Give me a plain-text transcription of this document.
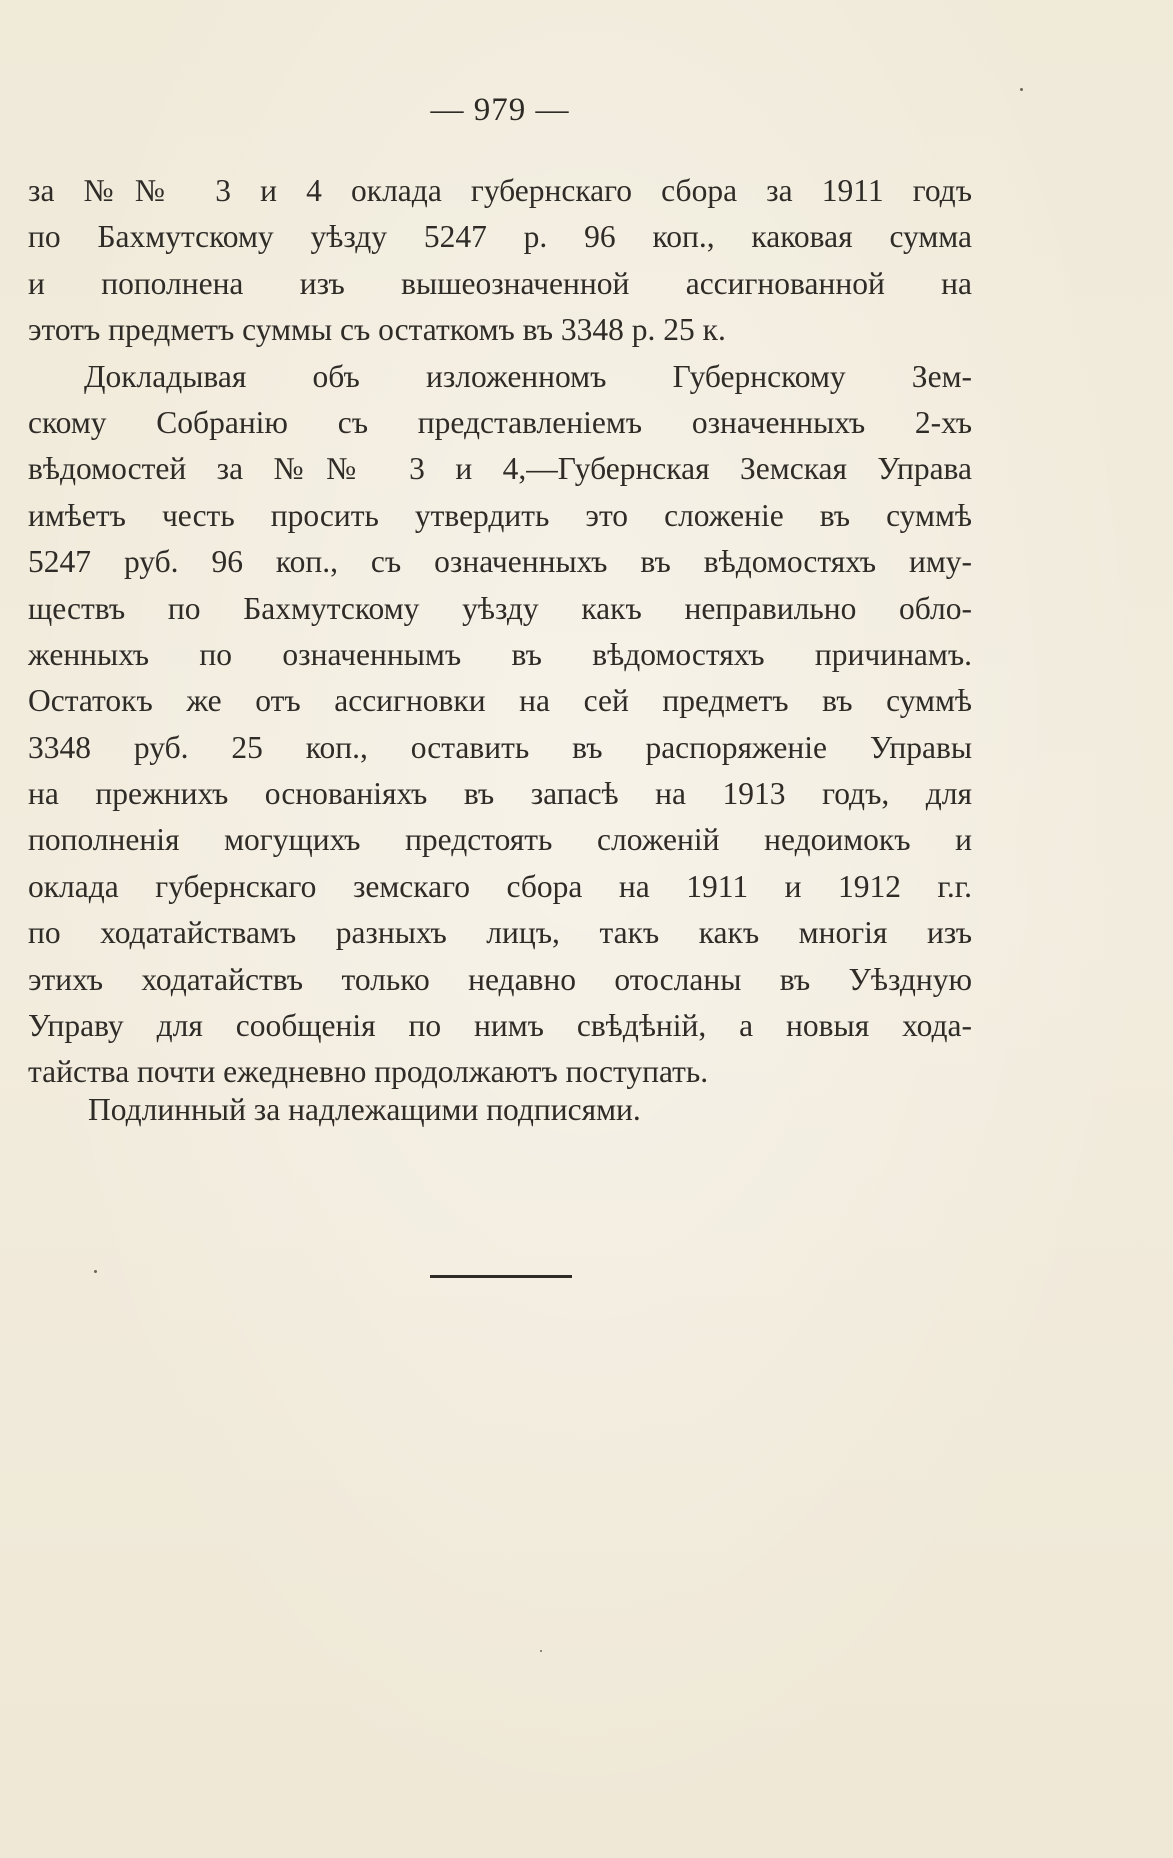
— 979 —
за №№ 3 и 4 оклада губернскаго сбора за 1911 годъ
по Бахмутскому уѣзду 5247 р. 96 коп., каковая сумма
и пополнена изъ вышеозначенной ассигнованной на
этотъ предметъ суммы съ остаткомъ въ 3348 р. 25 к.
Докладывая объ изложенномъ Губернскому Зем-
скому Собранію съ представленіемъ означенныхъ 2-хъ
вѣдомостей за №№ 3 и 4,—Губернская Земская Управа
имѣетъ честь просить утвердить это сложеніе въ суммѣ
5247 руб. 96 коп., съ означенныхъ въ вѣдомостяхъ иму-
ществъ по Бахмутскому уѣзду какъ неправильно обло-
женныхъ по означеннымъ въ вѣдомостяхъ причинамъ.
Остатокъ же отъ ассигновки на сей предметъ въ суммѣ
3348 руб. 25 коп., оставить въ распоряженіе Управы
на прежнихъ основаніяхъ въ запасѣ на 1913 годъ, для
пополненія могущихъ предстоять сложеній недоимокъ и
оклада губернскаго земскаго сбора на 1911 и 1912 г.г.
по ходатайствамъ разныхъ лицъ, такъ какъ многія изъ
этихъ ходатайствъ только недавно отосланы въ Уѣздную
Управу для сообщенія по нимъ свѣдѣній, а новыя хода-
тайства почти ежедневно продолжаютъ поступать.
Подлинный за надлежащими подписями.
